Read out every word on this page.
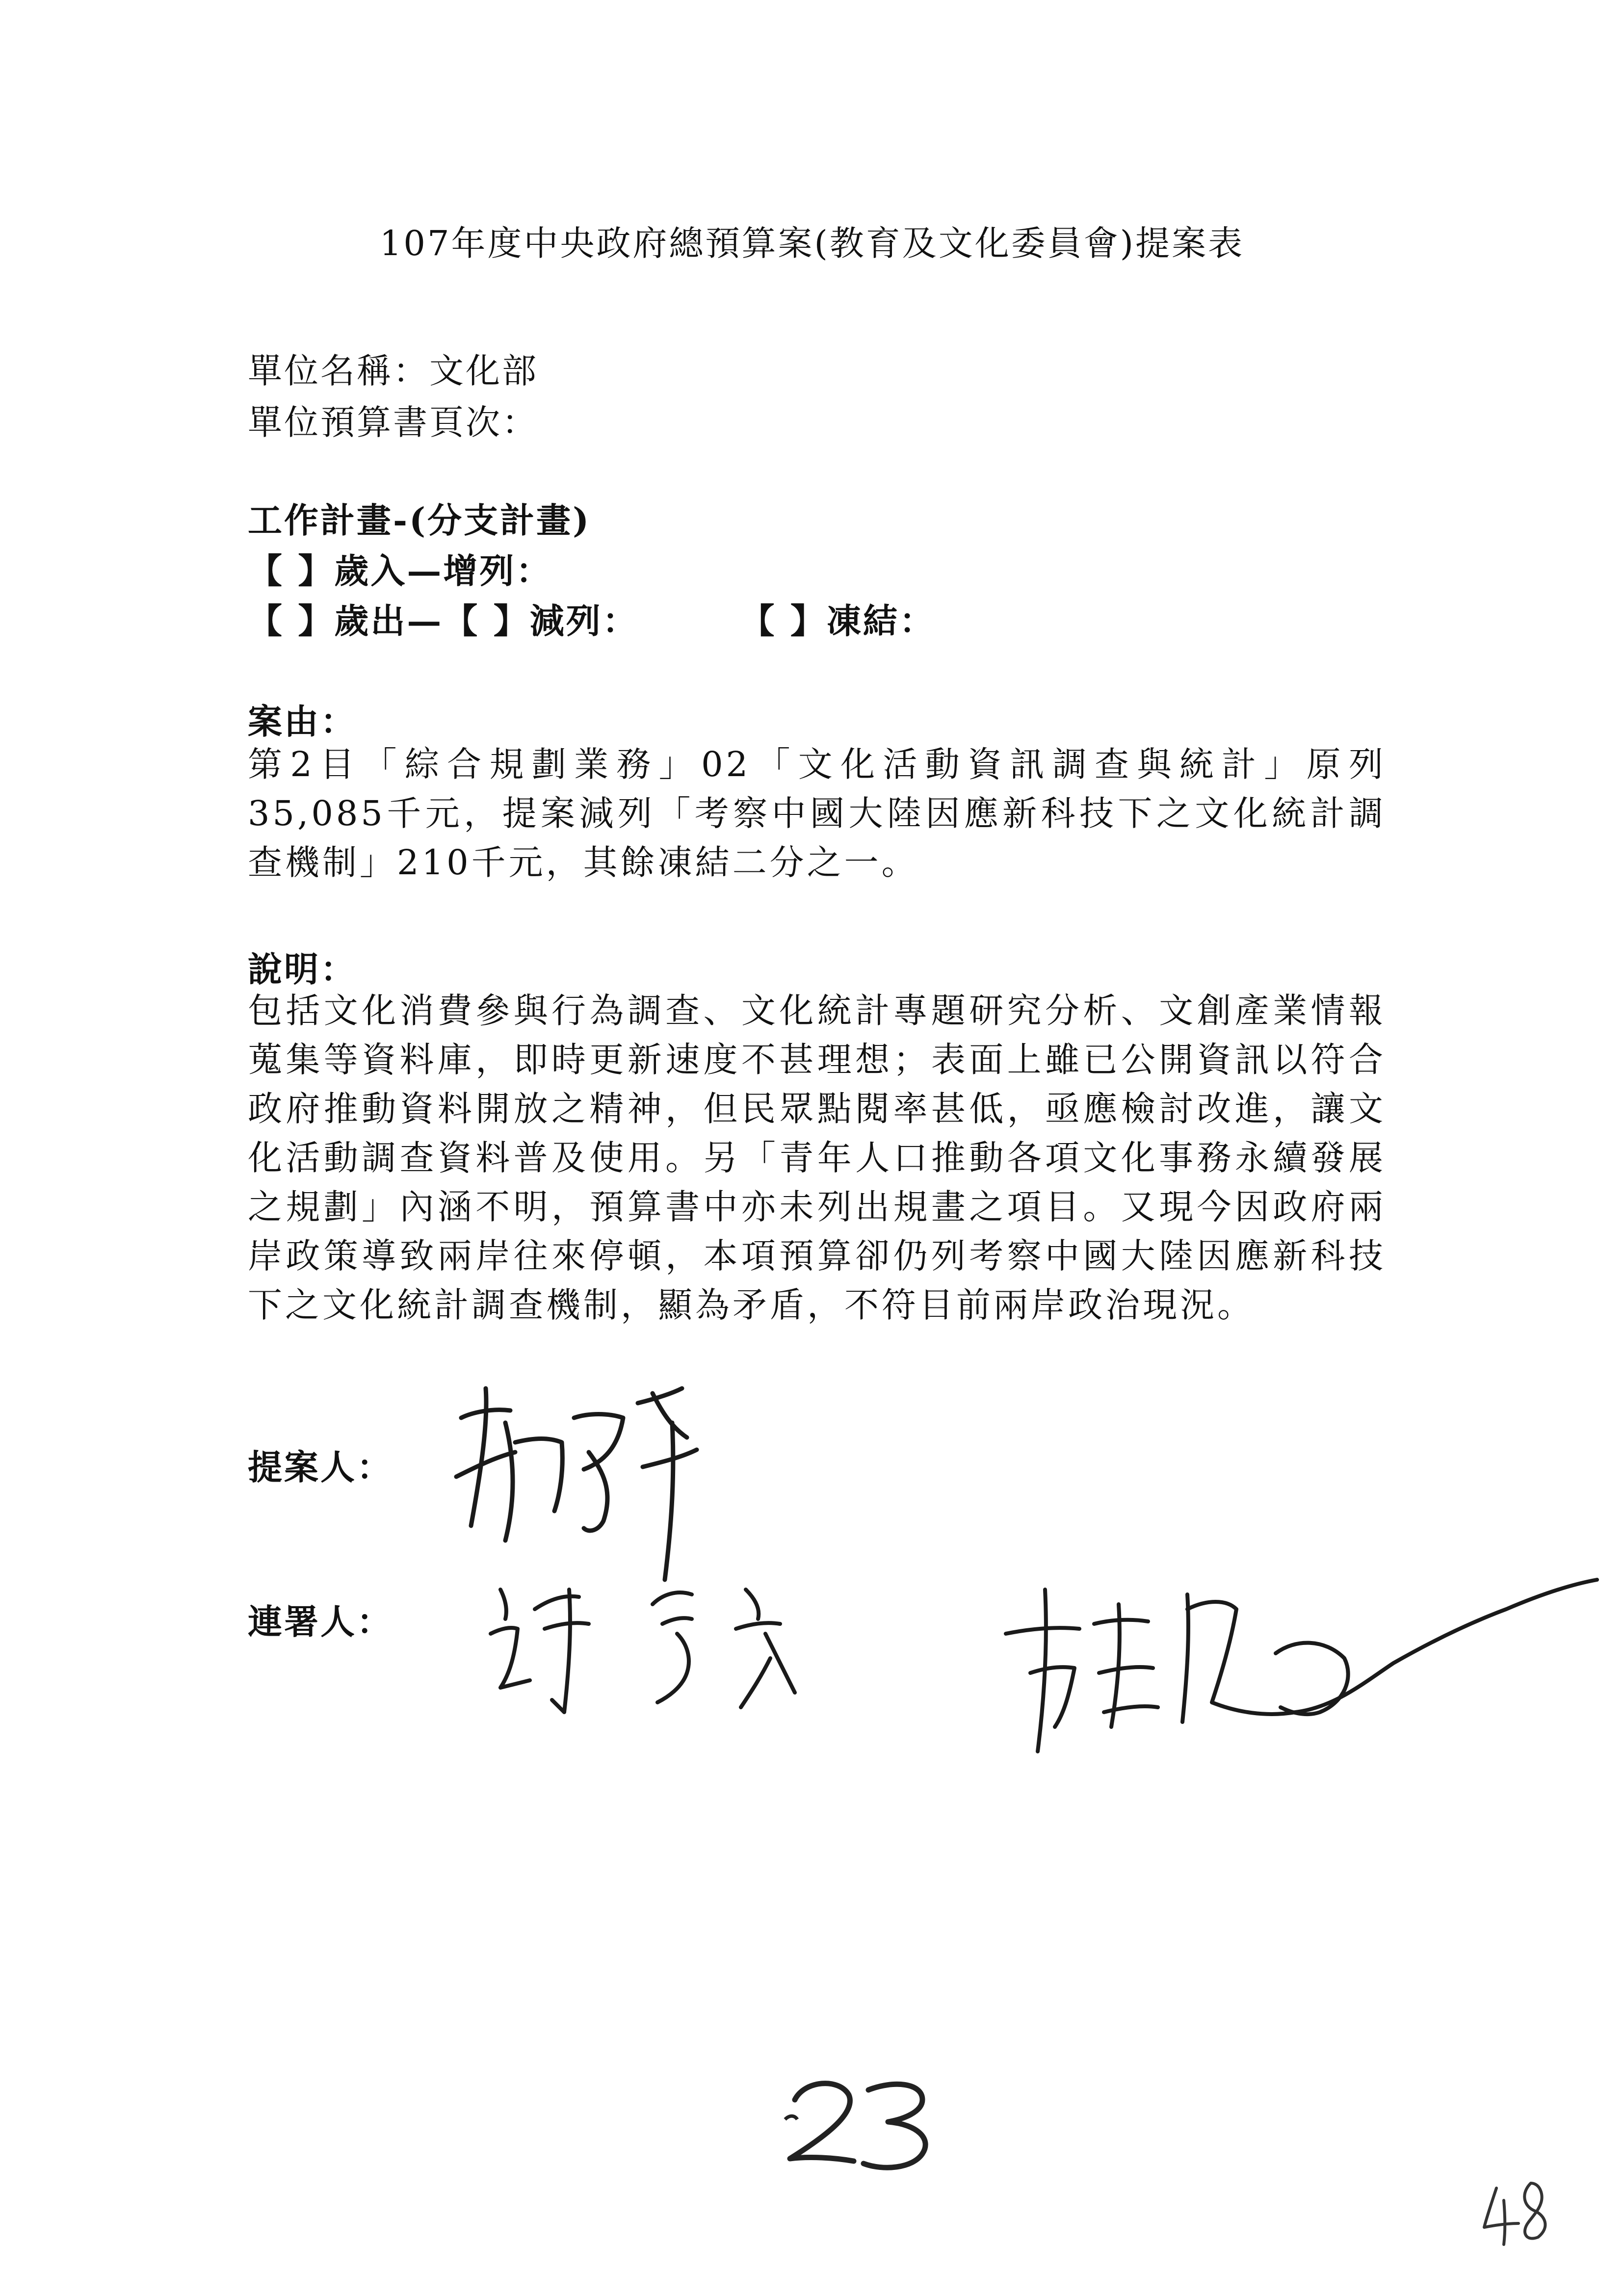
107年度中央政府總預算案(教育及文化委員會)提案表
單位名稱：文化部
單位預算書頁次：
工作計畫-(分支計畫)
【 】歲入—增列：
【 】歲出—【 】減列：	【 】凍結：
案由：
第2目「綜合規劃業務」02「文化活動資訊調查與統計」原列35,085千元，提案減列「考察中國大陸因應新科技下之文化統計調查機制」210千元，其餘凍結二分之一。
說明：
包括文化消費參與行為調查、文化統計專題研究分析、文創產業情報蒐集等資料庫，即時更新速度不甚理想；表面上雖已公開資訊以符合政府推動資料開放之精神，但民眾點閱率甚低，亟應檢討改進，讓文化活動調查資料普及使用。另「青年人口推動各項文化事務永續發展之規劃」內涵不明，預算書中亦未列出規畫之項目。又現今因政府兩岸政策導致兩岸往來停頓，本項預算卻仍列考察中國大陸因應新科技下之文化統計調查機制，顯為矛盾，不符目前兩岸政治現況。
提案人：
連署人：
